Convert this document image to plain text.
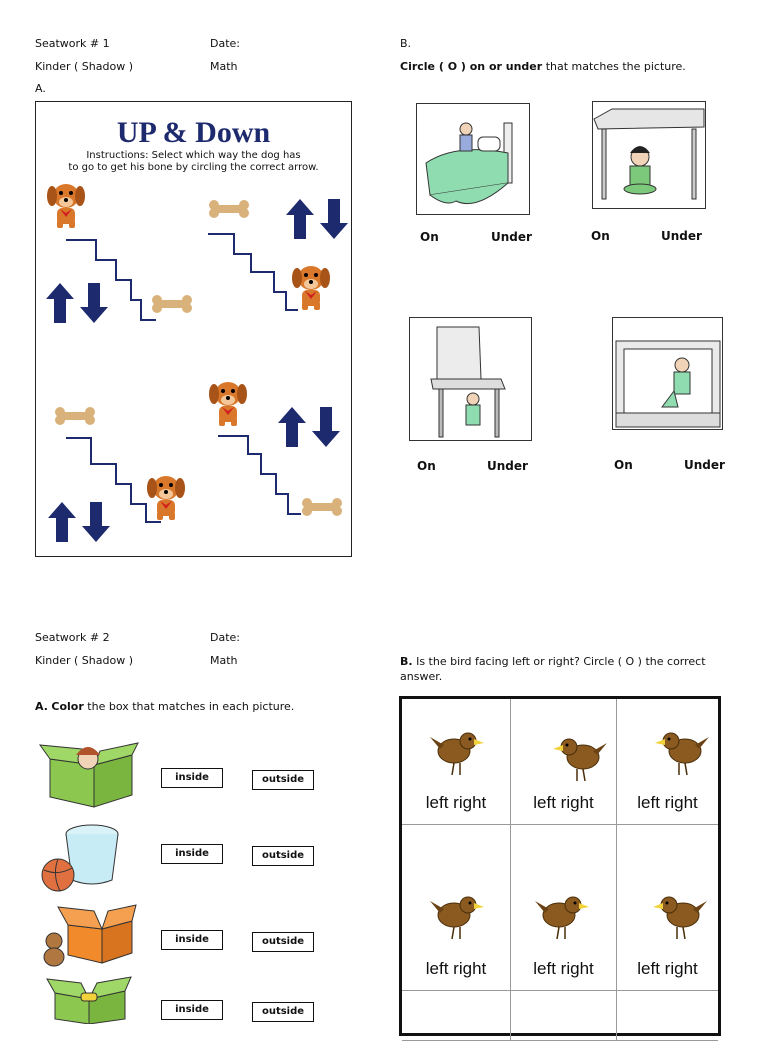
Seatwork # 1
Kinder ( Shadow )
Date:
Math
A.
B.
Circle ( O ) on or under that matches the picture.
UP & Down
Instructions: Select which way the dog has
to go to get his bone by circling the correct arrow.
On	Under	On	Under
On	Under	On	Under
Seatwork # 2
Kinder ( Shadow )
Date:
Math
A. Color the box that matches in each picture.
B. Is the bird facing left or right? Circle ( O ) the correct
answer.
inside	outside
inside	outside
inside	outside
inside	outside
left right	left right	left right
left right	left right	left right
